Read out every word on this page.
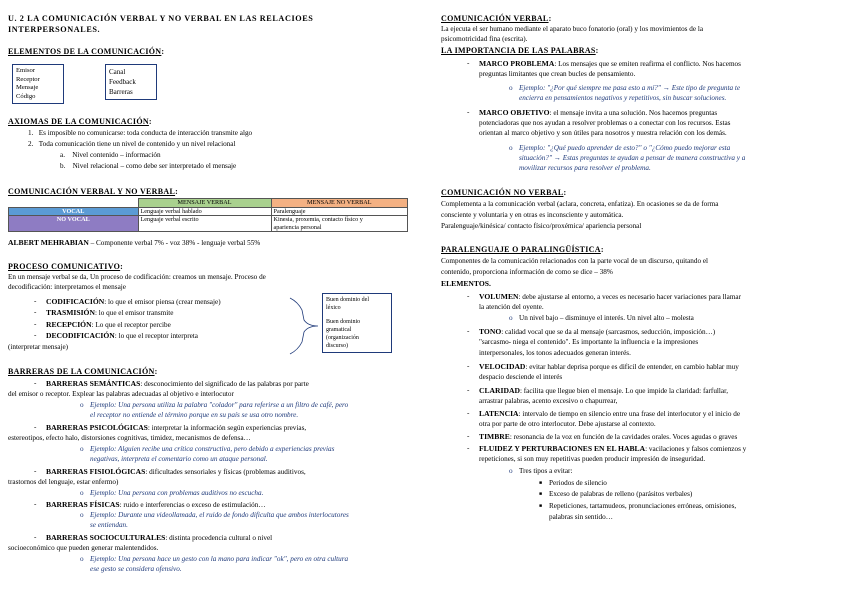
U. 2 LA COMUNICACIÓN VERBAL Y NO VERBAL EN LAS RELACIOES
INTERPERSONALES.
ELEMENTOS DE LA COMUNICACIÓN:
Emisor
Receptor
Mensaje
Código
Canal
Feedback
Barreras
AXIOMAS DE LA COMUNICACIÓN:
1.   Es imposible no comunicarse: toda conducta de interacción transmite algo
2.   Toda comunicación tiene un nivel de contenido y un nivel relacional
a.    Nivel contenido – información
b.    Nivel relacional – como debe ser interpretado el mensaje
COMUNICACIÓN VERBAL Y NO VERBAL:
	MENSAJE VERBAL	MENSAJE NO VERBAL
VOCAL	Lenguaje verbal hablado	Paralenguaje
NO VOCAL	Lenguaje verbal escrito	Kinesia, proxemia, contacto físico y
apariencia personal
ALBERT MEHRABIAN – Componente verbal 7% - voz 38% - lenguaje verbal 55%
PROCESO COMUNICATIVO:
En un mensaje verbal se da, Un proceso de codificación: creamos un mensaje. Proceso de
decodificación: interpretamos el mensaje
- CODIFICACIÓN: lo que el emisor piensa (crear mensaje)
- TRASMISIÓN: lo que el emisor transmite
- RECEPCIÓN: Lo que el receptor percibe
- DECODIFICACIÓN: lo que el receptor interpreta
(interpretar mensaje)
Buen dominio del
léxico
Buen dominio
gramatical
(organización
discurso)
BARRERAS DE LA COMUNICACIÓN:
- BARRERAS SEMÁNTICAS: desconocimiento del significado de las palabras por parte
del emisor o receptor. Explear las palabras adecuadas al objetivo e interlocutor
o Ejemplo: Una persona utiliza la palabra "colador" para referirse a un filtro de café, pero
el receptor no entiende el término porque en su país se usa otro nombre.
- BARRERAS PSICOLÓGICAS: interpretar la información según experiencias previas,
estereotipos, efecto halo, distorsiones cognitivas, timidez, mecanismos de defensa…
o Ejemplo: Alguien recibe una crítica constructiva, pero debido a experiencias previas
negativas, interpreta el comentario como un ataque personal.
- BARRERAS FISIOLÓGICAS: dificultades sensoriales y físicas (problemas auditivos,
trastornos del lenguaje, estar enfermo)
o Ejemplo: Una persona con problemas auditivos no escucha.
- BARRERAS FÍSICAS: ruido e interferencias o exceso de estimulación…
o Ejemplo: Durante una videollamada, el ruido de fondo dificulta que ambos interlocutores
se entiendan.
- BARRERAS SOCIOCULTURALES: distinta procedencia cultural o nivel
socioeconómico que pueden generar malentendidos.
o Ejemplo: Una persona hace un gesto con la mano para indicar "ok", pero en otra cultura
ese gesto se considera ofensivo.
COMUNICACIÓN VERBAL:
La ejecuta el ser humano mediante el aparato buco fonatorio (oral) y los movimientos de la
psicomotricidad fina (escrita).
LA IMPORTANCIA DE LAS PALABRAS:
- MARCO PROBLEMA: Los mensajes que se emiten reafirma el conflicto. Nos hacemos
preguntas limitantes que crean bucles de pensamiento.
o Ejemplo: "¿Por qué siempre me pasa esto a mí?" → Este tipo de pregunta te
encierra en pensamientos negativos y repetitivos, sin buscar soluciones.
- MARCO OBJETIVO: el mensaje invita a una solución. Nos hacemos preguntas
potenciadoras que nos ayudan a resolver problemas o a conectar con los recursos. Estas
orientan al marco objetivo y son útiles para nosotros y nuestra relación con los demás.
o Ejemplo: "¿Qué puedo aprender de esto?" o "¿Cómo puedo mejorar esta
situación?" → Estas preguntas te ayudan a pensar de manera constructiva y a
movilizar recursos para resolver el problema.
COMUNICACIÓN NO VERBAL:
Complementa a la comunicación verbal (aclara, concreta, enfatiza). En ocasiones se da de forma
consciente y voluntaria y en otras es inconsciente y automática.
Paralenguaje/kinésica/ contacto físico/proxémica/ apariencia personal
PARALENGUAJE O PARALINGÜÍSTICA:
Componentes de la comunicación relacionados con la parte vocal de un discurso, quitando el
contenido, proporciona información de como se dice – 38%
ELEMENTOS.
- VOLUMEN: debe ajustarse al entorno, a veces es necesario hacer variaciones para llamar
la atención del oyente.
o Un nivel bajo – disminuye el interés. Un nivel alto – molesta
- TONO: calidad vocal que se da al mensaje (sarcasmos, seducción, imposición…)
"sarcasmo- niega el contenido". Es importante la influencia e la impresiones
interpersonales, los tonos adecuados generan interés.
- VELOCIDAD: evitar hablar deprisa porque es difícil de entender, en cambio hablar muy
despacio desciende el interés
- CLARIDAD: facilita que llegue bien el mensaje. Lo que impide la claridad: farfullar,
arrastrar palabras, acento excesivo o chapurrear,
- LATENCIA: intervalo de tiempo en silencio entre una frase del interlocutor y el inicio de
otra por parte de otro interlocutor. Debe ajustarse al contexto.
- TIMBRE: resonancia de la voz en función de la cavidades orales. Voces agudas o graves
- FLUIDEZ Y PERTURBACIONES EN EL HABLA: vacilaciones y falsos comienzos y
repeticiones, si son muy repetitivas pueden producir impresión de inseguridad.
o Tres tipos a evitar:
■ Periodos de silencio
■ Exceso de palabras de relleno (parásitos verbales)
■ Repeticiones, tartamudeos, pronunciaciones erróneas, omisiones,
palabras sin sentido…
